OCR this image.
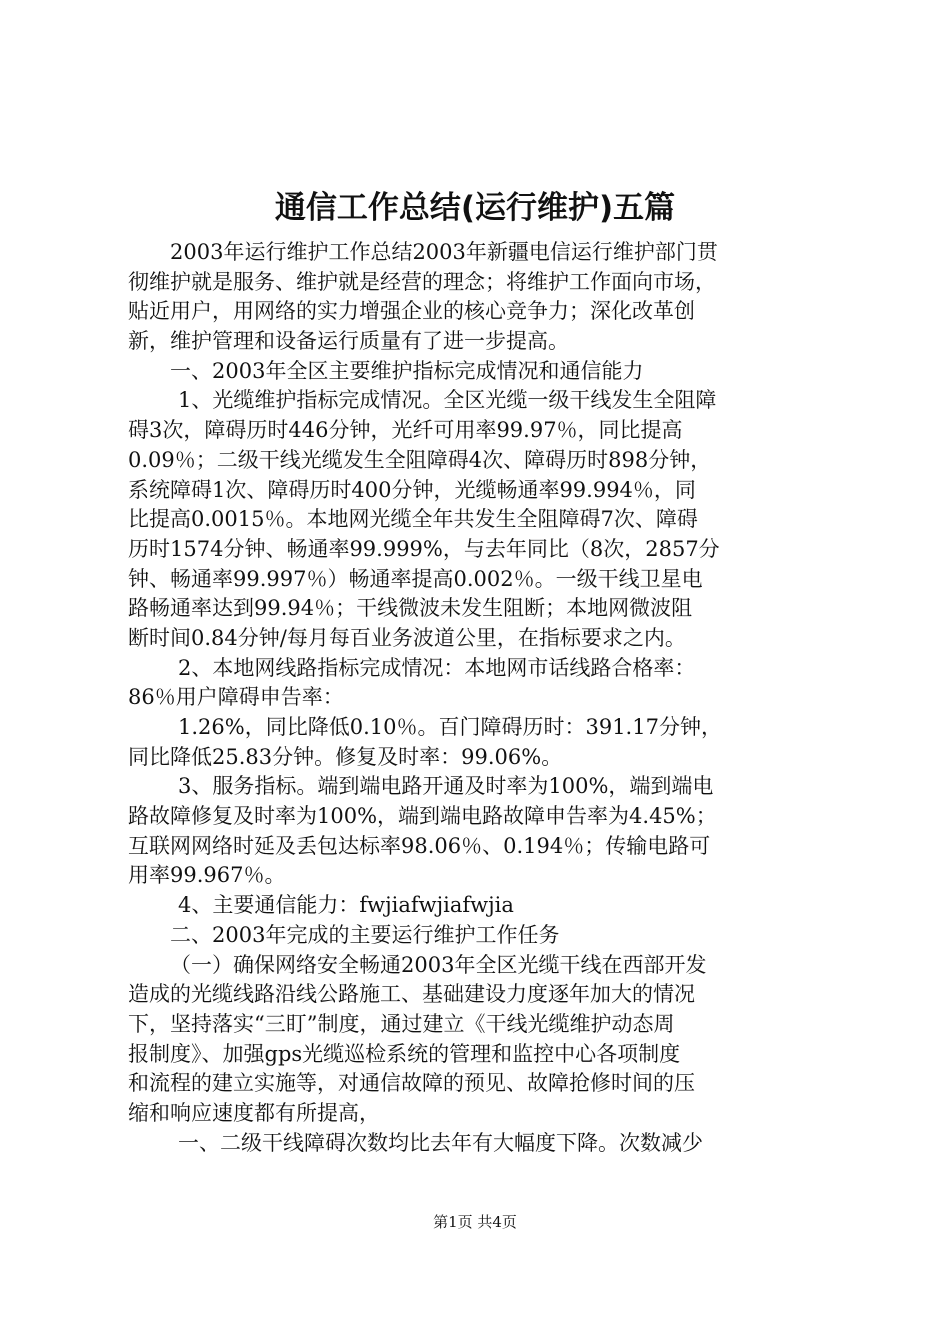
通信工作总结(运行维护)五篇
2003年运行维护工作总结2003年新疆电信运行维护部门贯
彻维护就是服务、维护就是经营的理念；将维护工作面向市场，
贴近用户，用网络的实力增强企业的核心竞争力；深化改革创
新，维护管理和设备运行质量有了进一步提高。
一、2003年全区主要维护指标完成情况和通信能力
1、光缆维护指标完成情况。全区光缆一级干线发生全阻障
碍3次，障碍历时446分钟，光纤可用率99.97％，同比提高
0.09％；二级干线光缆发生全阻障碍4次、障碍历时898分钟，
系统障碍1次、障碍历时400分钟，光缆畅通率99.994％，同
比提高0.0015％。本地网光缆全年共发生全阻障碍7次、障碍
历时1574分钟、畅通率99.999%，与去年同比（8次，2857分
钟、畅通率99.997％）畅通率提高0.002％。一级干线卫星电
路畅通率达到99.94％；干线微波未发生阻断；本地网微波阻
断时间0.84分钟/每月每百业务波道公里，在指标要求之内。
2、本地网线路指标完成情况：本地网市话线路合格率：
86％用户障碍申告率：
1.26%，同比降低0.10％。百门障碍历时：391.17分钟，
同比降低25.83分钟。修复及时率：99.06%。
3、服务指标。端到端电路开通及时率为100%，端到端电
路故障修复及时率为100%，端到端电路故障申告率为4.45%；
互联网网络时延及丢包达标率98.06％、0.194％；传输电路可
用率99.967％。
4、主要通信能力：fwjiafwjiafwjia
二、2003年完成的主要运行维护工作任务
（一）确保网络安全畅通2003年全区光缆干线在西部开发
造成的光缆线路沿线公路施工、基础建设力度逐年加大的情况
下，坚持落实“三盯”制度，通过建立《干线光缆维护动态周
报制度》、加强gps光缆巡检系统的管理和监控中心各项制度
和流程的建立实施等，对通信故障的预见、故障抢修时间的压
缩和响应速度都有所提高，
一、二级干线障碍次数均比去年有大幅度下降。次数减少
第1页 共4页
